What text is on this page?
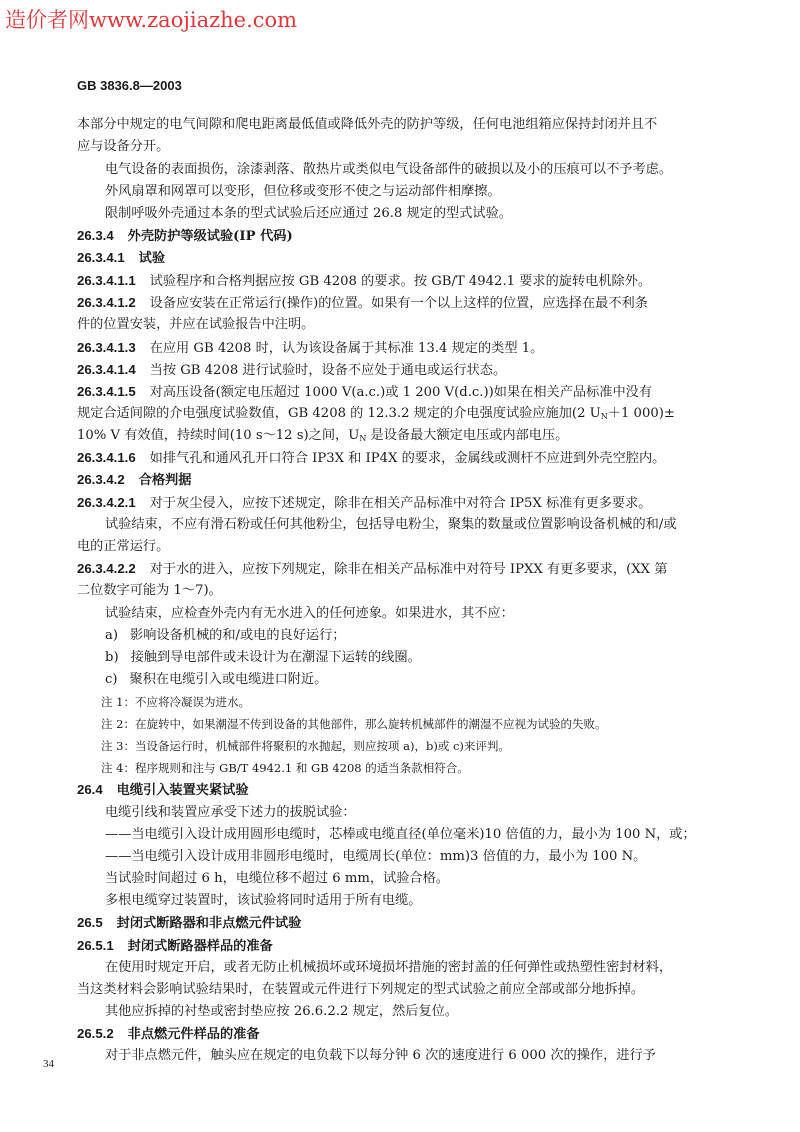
造价者网www.zaojiazhe.com
GB 3836.8—2003
本部分中规定的电气间隙和爬电距离最低值或降低外壳的防护等级，任何电池组箱应保持封闭并且不
应与设备分开。
电气设备的表面损伤，涂漆剥落、散热片或类似电气设备部件的破损以及小的压痕可以不予考虑。
外风扇罩和网罩可以变形，但位移或变形不使之与运动部件相摩擦。
限制呼吸外壳通过本条的型式试验后还应通过 26.8 规定的型式试验。
26.3.4 外壳防护等级试验(IP 代码)
26.3.4.1 试验
26.3.4.1.1 试验程序和合格判据应按 GB 4208 的要求。按 GB/T 4942.1 要求的旋转电机除外。
26.3.4.1.2 设备应安装在正常运行(操作)的位置。如果有一个以上这样的位置，应选择在最不利条
件的位置安装，并应在试验报告中注明。
26.3.4.1.3 在应用 GB 4208 时，认为该设备属于其标准 13.4 规定的类型 1。
26.3.4.1.4 当按 GB 4208 进行试验时，设备不应处于通电或运行状态。
26.3.4.1.5 对高压设备(额定电压超过 1000 V(a.c.)或 1 200 V(d.c.))如果在相关产品标准中没有
规定合适间隙的介电强度试验数值，GB 4208 的 12.3.2 规定的介电强度试验应施加(2 $U_N+1$ 000)±
10% V 有效值，持续时间(10 s～12 s)之间，$U_N$ 是设备最大额定电压或内部电压。
26.3.4.1.6 如排气孔和通风孔开口符合 IP3X 和 IP4X 的要求，金属线或测杆不应进到外壳空腔内。
26.3.4.2 合格判据
26.3.4.2.1 对于灰尘侵入，应按下述规定，除非在相关产品标准中对符合 IP5X 标准有更多要求。
试验结束，不应有滑石粉或任何其他粉尘，包括导电粉尘，聚集的数量或位置影响设备机械的和/或
电的正常运行。
26.3.4.2.2 对于水的进入，应按下列规定，除非在相关产品标准中对符号 IPXX 有更多要求，(XX 第
二位数字可能为 1～7)。
试验结束，应检查外壳内有无水进入的任何迹象。如果进水，其不应：
a) 影响设备机械的和/或电的良好运行；
b) 接触到导电部件或未设计为在潮湿下运转的线圈。
c) 聚积在电缆引入或电缆进口附近。
注 1：不应将冷凝误为进水。
注 2：在旋转中，如果潮湿不传到设备的其他部件，那么旋转机械部件的潮湿不应视为试验的失败。
注 3：当设备运行时，机械部件将聚积的水抛起，则应按项 a)，b)或 c)来评判。
注 4：程序规则和注与 GB/T 4942.1 和 GB 4208 的适当条款相符合。
26.4 电缆引入装置夹紧试验
电缆引线和装置应承受下述力的拔脱试验：
——当电缆引入设计成用圆形电缆时，芯棒或电缆直径(单位毫米)10 倍值的力，最小为 100 N，或；
——当电缆引入设计成用非圆形电缆时，电缆周长(单位：mm)3 倍值的力，最小为 100 N。
当试验时间超过 6 h，电缆位移不超过 6 mm，试验合格。
多根电缆穿过装置时，该试验将同时适用于所有电缆。
26.5 封闭式断路器和非点燃元件试验
26.5.1 封闭式断路器样品的准备
在使用时规定开启，或者无防止机械损坏或环境损坏措施的密封盖的任何弹性或热塑性密封材料，
当这类材料会影响试验结果时，在装置或元件进行下列规定的型式试验之前应全部或部分地拆掉。
其他应拆掉的衬垫或密封垫应按 26.6.2.2 规定，然后复位。
26.5.2 非点燃元件样品的准备
对于非点燃元件，触头应在规定的电负载下以每分钟 6 次的速度进行 6 000 次的操作，进行予
34
